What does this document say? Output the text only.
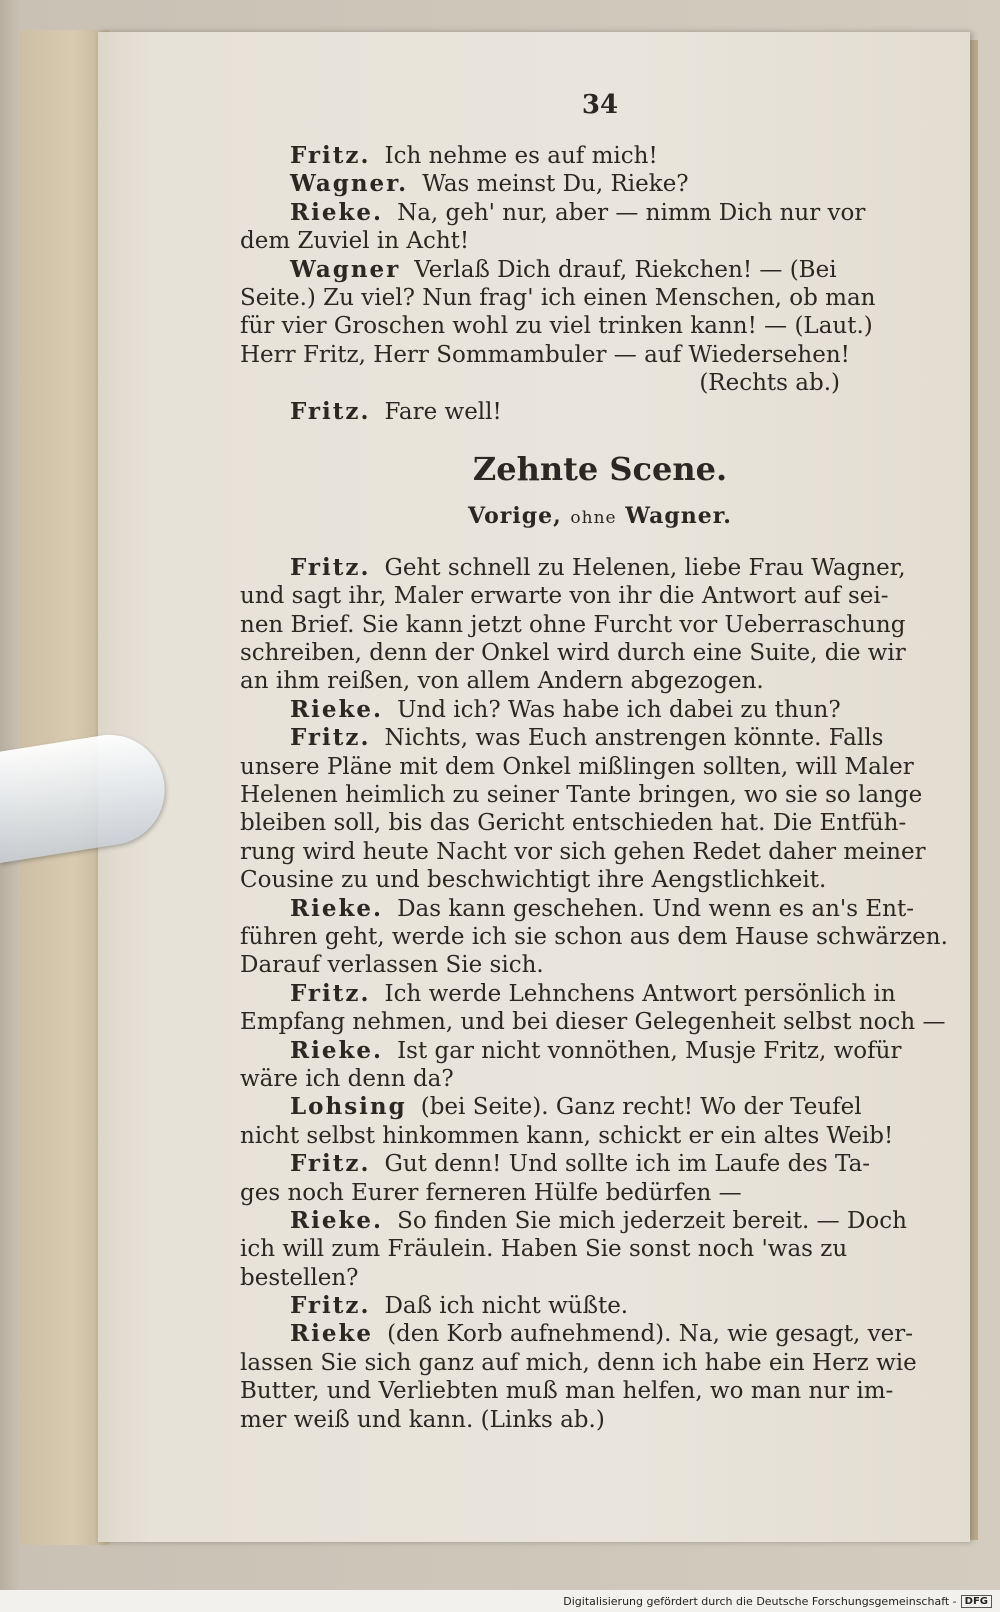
34
Fritz. Ich nehme es auf mich!
Wagner. Was meinst Du, Rieke?
Rieke. Na, geh' nur, aber — nimm Dich nur vor
dem Zuviel in Acht!
Wagner Verlaß Dich drauf, Riekchen! — (Bei
Seite.) Zu viel? Nun frag' ich einen Menschen, ob man
für vier Groschen wohl zu viel trinken kann! — (Laut.)
Herr Fritz, Herr Sommambuler — auf Wiedersehen!
(Rechts ab.)
Fritz. Fare well!
Zehnte Scene.
Vorige, ohne Wagner.
Fritz. Geht schnell zu Helenen, liebe Frau Wagner,
und sagt ihr, Maler erwarte von ihr die Antwort auf sei-
nen Brief. Sie kann jetzt ohne Furcht vor Ueberraschung
schreiben, denn der Onkel wird durch eine Suite, die wir
an ihm reißen, von allem Andern abgezogen.
Rieke. Und ich? Was habe ich dabei zu thun?
Fritz. Nichts, was Euch anstrengen könnte. Falls
unsere Pläne mit dem Onkel mißlingen sollten, will Maler
Helenen heimlich zu seiner Tante bringen, wo sie so lange
bleiben soll, bis das Gericht entschieden hat. Die Entfüh-
rung wird heute Nacht vor sich gehen Redet daher meiner
Cousine zu und beschwichtigt ihre Aengstlichkeit.
Rieke. Das kann geschehen. Und wenn es an's Ent-
führen geht, werde ich sie schon aus dem Hause schwärzen.
Darauf verlassen Sie sich.
Fritz. Ich werde Lehnchens Antwort persönlich in
Empfang nehmen, und bei dieser Gelegenheit selbst noch —
Rieke. Ist gar nicht vonnöthen, Musje Fritz, wofür
wäre ich denn da?
Lohsing (bei Seite). Ganz recht! Wo der Teufel
nicht selbst hinkommen kann, schickt er ein altes Weib!
Fritz. Gut denn! Und sollte ich im Laufe des Ta-
ges noch Eurer ferneren Hülfe bedürfen —
Rieke. So finden Sie mich jederzeit bereit. — Doch
ich will zum Fräulein. Haben Sie sonst noch 'was zu
bestellen?
Fritz. Daß ich nicht wüßte.
Rieke (den Korb aufnehmend). Na, wie gesagt, ver-
lassen Sie sich ganz auf mich, denn ich habe ein Herz wie
Butter, und Verliebten muß man helfen, wo man nur im-
mer weiß und kann. (Links ab.)
Digitalisierung gefördert durch die Deutsche Forschungsgemeinschaft - DFG
